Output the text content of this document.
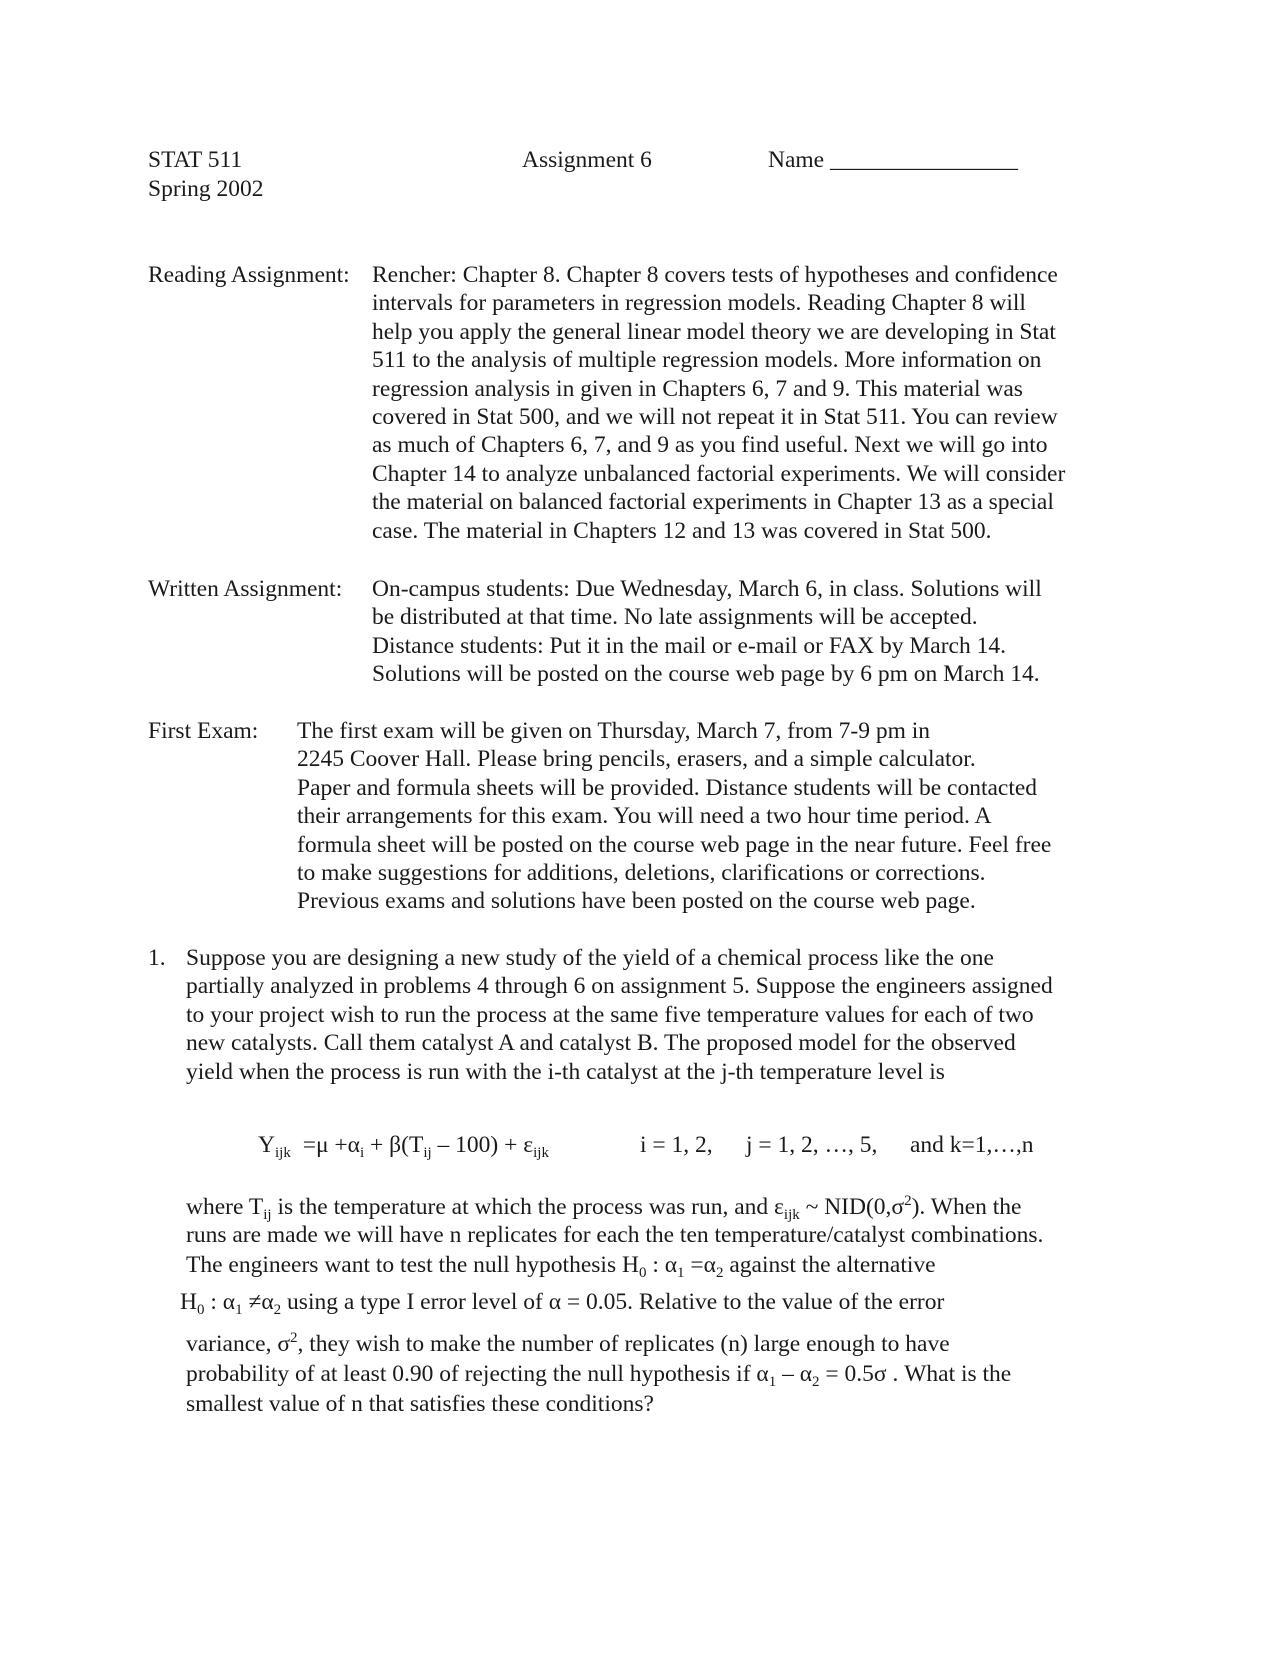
STAT 511
Spring 2002
Assignment 6	Name ________________
Reading Assignment: Rencher: Chapter 8. Chapter 8 covers tests of hypotheses and confidence
intervals for parameters in regression models. Reading Chapter 8 will
help you apply the general linear model theory we are developing in Stat
511 to the analysis of multiple regression models. More information on
regression analysis in given in Chapters 6, 7 and 9. This material was
covered in Stat 500, and we will not repeat it in Stat 511. You can review
as much of Chapters 6, 7, and 9 as you find useful. Next we will go into
Chapter 14 to analyze unbalanced factorial experiments. We will consider
the material on balanced factorial experiments in Chapter 13 as a special
case. The material in Chapters 12 and 13 was covered in Stat 500.
Written Assignment: On-campus students: Due Wednesday, March 6, in class. Solutions will
be distributed at that time. No late assignments will be accepted.
Distance students: Put it in the mail or e-mail or FAX by March 14.
Solutions will be posted on the course web page by 6 pm on March 14.
First Exam: The first exam will be given on Thursday, March 7, from 7-9 pm in
2245 Coover Hall. Please bring pencils, erasers, and a simple calculator.
Paper and formula sheets will be provided. Distance students will be contacted
their arrangements for this exam. You will need a two hour time period. A
formula sheet will be posted on the course web page in the near future. Feel free
to make suggestions for additions, deletions, clarifications or corrections.
Previous exams and solutions have been posted on the course web page.
1. Suppose you are designing a new study of the yield of a chemical process like the one
partially analyzed in problems 4 through 6 on assignment 5. Suppose the engineers assigned
to your project wish to run the process at the same five temperature values for each of two
new catalysts. Call them catalyst A and catalyst B. The proposed model for the observed
yield when the process is run with the i-th catalyst at the j-th temperature level is
$Y_{ijk} =\mu +\alpha_i + \beta(T_{ij} - 100) + \varepsilon_{ijk}$	i = 1, 2, j = 1, 2, …, 5, and k=1,…,n
where $T_{ij}$ is the temperature at which the process was run, and $\varepsilon_{ijk}$ ~ $NID(0,\sigma^2)$. When the
runs are made we will have n replicates for each the ten temperature/catalyst combinations.
The engineers want to test the null hypothesis $H_0$ : $\alpha_1 =\alpha_2$ against the alternative
$H_0$ : $\alpha_1 \ne\alpha_2$ using a type I error level of α = 0.05. Relative to the value of the error
variance, $\sigma^2$, they wish to make the number of replicates (n) large enough to have
probability of at least 0.90 of rejecting the null hypothesis if $\alpha_1 - \alpha_2 = 0.5\sigma$ . What is the
smallest value of n that satisfies these conditions?
